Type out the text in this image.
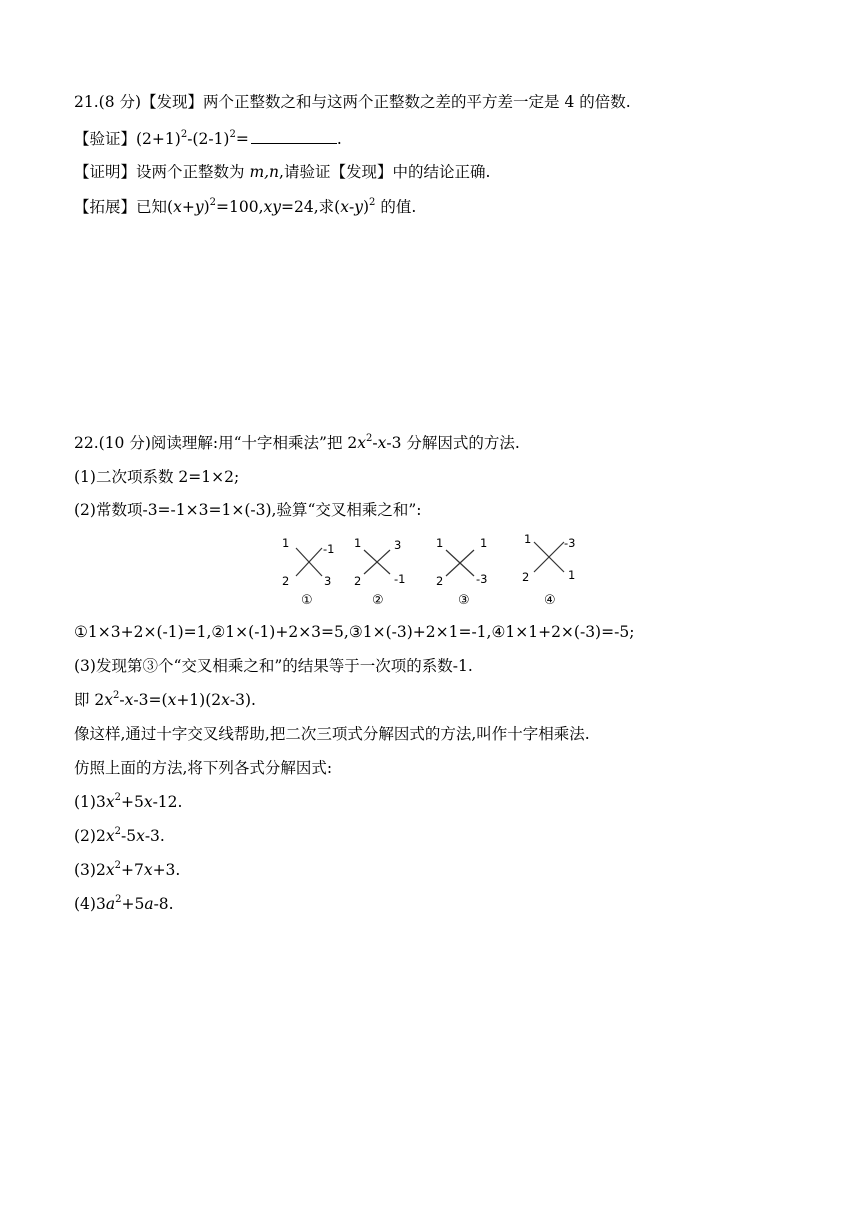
21.(8 分)【发现】两个正整数之和与这两个正整数之差的平方差一定是 4 的倍数.
【验证】$(2+1)^2-(2-1)^2=$	.
【证明】设两个正整数为 m,n,请验证【发现】中的结论正确.
【拓展】已知$(x+y)^2=100,xy=24$,求$(x-y)^2$ 的值.
22.(10 分)阅读理解:用“十字相乘法”把 $2x^2-x-3$ 分解因式的方法.
(1)二次项系数 2=1×2;
(2)常数项-3=-1×3=1×(-3),验算“交叉相乘之和”:
1	-1
2	3
①
1	3
2	-1
②
1	1
2	-3
③
1	-3
2	1
④
①1×3+2×(-1)=1,②1×(-1)+2×3=5,③1×(-3)+2×1=-1,④1×1+2×(-3)=-5;
(3)发现第③个“交叉相乘之和”的结果等于一次项的系数-1.
即 $2x^2-x-3=(x+1)(2x-3)$.
像这样,通过十字交叉线帮助,把二次三项式分解因式的方法,叫作十字相乘法.
仿照上面的方法,将下列各式分解因式:
$(1)3x^2+5x-12$.
$(2)2x^2-5x-3$.
$(3)2x^2+7x+3$.
$(4)3a^2+5a-8$.
